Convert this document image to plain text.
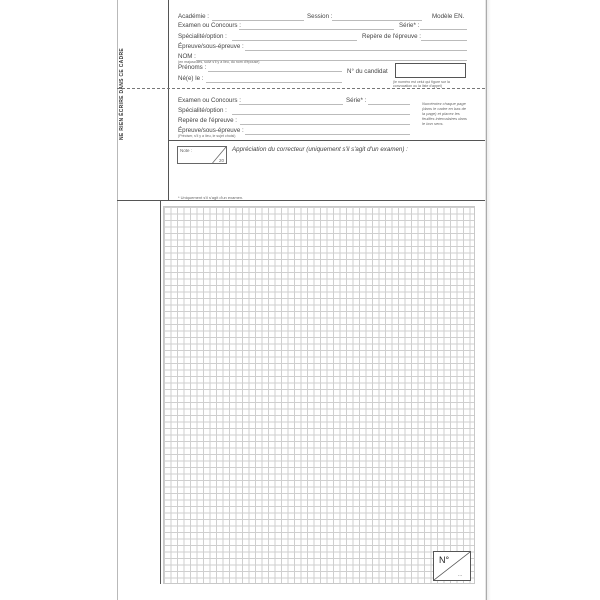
NE RIEN ÉCRIRE DANS CE CADRE
Académie :	Session :	Modèle EN.
Examen ou Concours :	Série* :
Spécialité/option :	Repère de l'épreuve :
Épreuve/sous-épreuve :
NOM :
(en majuscules, suivi s'il y a lieu, du nom d'épouse)
Prénoms :
N° du candidat
(le numéro est celui qui figure sur la convocation ou la liste d'appel)
Né(e) le :
Examen ou Concours :	Série* :
Spécialité/option :
Repère de l'épreuve :
Épreuve/sous-épreuve :
(Préciser, s'il y a lieu, le sujet choisi)
Numérotez chaque page (dans le cadre en bas de la page) et placez les feuilles intercalaires dans le bon sens.
Note :
20
Appréciation du correcteur (uniquement s'il s'agit d'un examen) :
* Uniquement s'il s'agit d'un examen.
N°
...
